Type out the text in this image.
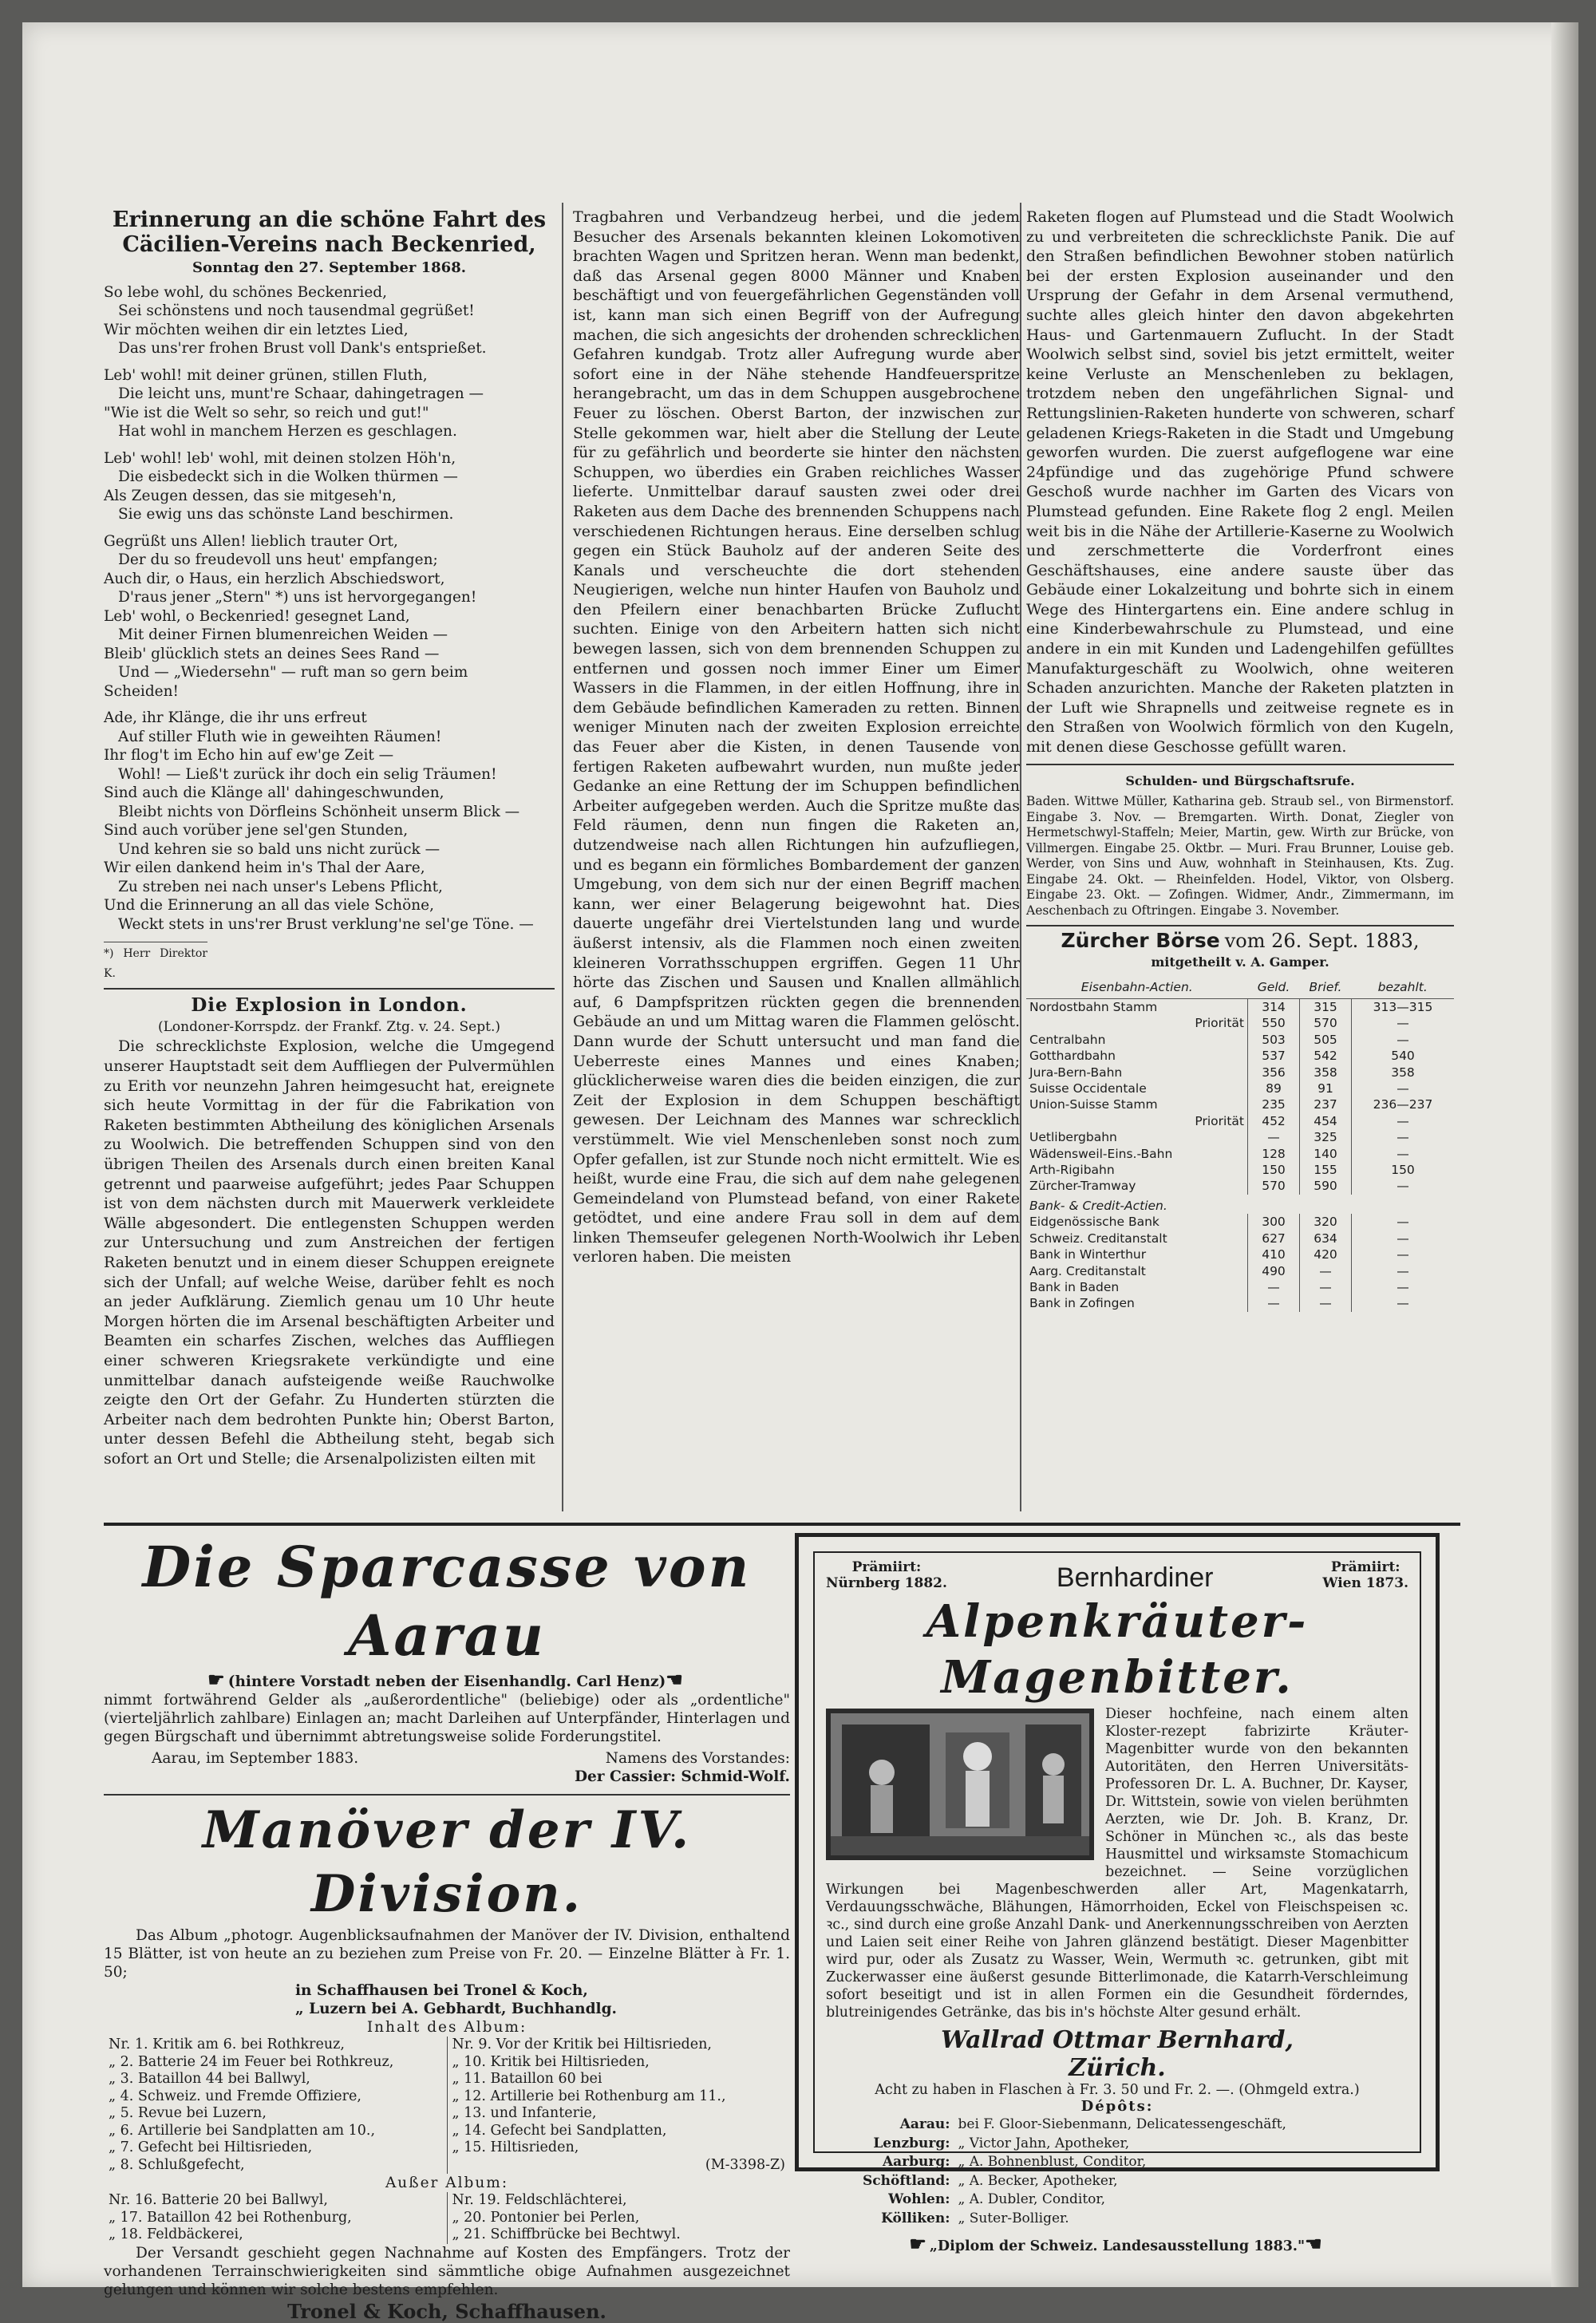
Erinnerung an die schöne Fahrt des
Cäcilien-Vereins nach Beckenried,
Sonntag den 27. September 1868.

So lebe wohl, du schönes Beckenried,

Sei schönstens und noch tausendmal gegrüßet!

Wir möchten weihen dir ein letztes Lied,

Das uns'rer frohen Brust voll Dank's entsprießet.

Leb' wohl! mit deiner grünen, stillen Fluth,

Die leicht uns, munt're Schaar, dahingetragen —

"Wie ist die Welt so sehr, so reich und gut!"

Hat wohl in manchem Herzen es geschlagen.

Leb' wohl! leb' wohl, mit deinen stolzen Höh'n,

Die eisbedeckt sich in die Wolken thürmen —

Als Zeugen dessen, das sie mitgeseh'n,

Sie ewig uns das schönste Land beschirmen.

Gegrüßt uns Allen! lieblich trauter Ort,

Der du so freudevoll uns heut' empfangen;

Auch dir, o Haus, ein herzlich Abschiedswort,

D'raus jener „Stern" *) uns ist hervorgegangen!

Leb' wohl, o Beckenried! gesegnet Land,

Mit deiner Firnen blumenreichen Weiden —

Bleib' glücklich stets an deines Sees Rand —

Und — „Wiedersehn" — ruft man so gern beim

Scheiden!

Ade, ihr Klänge, die ihr uns erfreut

Auf stiller Fluth wie in geweihten Räumen!

Ihr flog't im Echo hin auf ew'ge Zeit —

Wohl! — Ließ't zurück ihr doch ein selig Träumen!

Sind auch die Klänge all' dahingeschwunden,

Bleibt nichts von Dörfleins Schönheit unserm Blick —

Sind auch vorüber jene sel'gen Stunden,

Und kehren sie so bald uns nicht zurück —

Wir eilen dankend heim in's Thal der Aare,

Zu streben nei nach unser's Lebens Pflicht,

Und die Erinnerung an all das viele Schöne,

Weckt stets in uns'rer Brust verklung'ne sel'ge Töne. —

*) Herr Direktor K.
Die Explosion in London.
(Londoner-Korrspdz. der Frankf. Ztg. v. 24. Sept.)

Die schrecklichste Explosion, welche die Umgegend unserer Hauptstadt seit dem Auffliegen der Pulvermühlen zu Erith vor neunzehn Jahren heimgesucht hat, ereignete sich heute Vormittag in der für die Fabrikation von Raketen bestimmten Abtheilung des königlichen Arsenals zu Woolwich. Die betreffenden Schuppen sind von den übrigen Theilen des Arsenals durch einen breiten Kanal getrennt und paarweise aufgeführt; jedes Paar Schuppen ist von dem nächsten durch mit Mauerwerk verkleidete Wälle abgesondert. Die entlegensten Schuppen werden zur Untersuchung und zum Anstreichen der fertigen Raketen benutzt und in einem dieser Schuppen ereignete sich der Unfall; auf welche Weise, darüber fehlt es noch an jeder Aufklärung. Ziemlich genau um 10 Uhr heute Morgen hörten die im Arsenal beschäftigten Arbeiter und Beamten ein scharfes Zischen, welches das Auffliegen einer schweren Kriegsrakete verkündigte und eine unmittelbar danach aufsteigende weiße Rauchwolke zeigte den Ort der Gefahr. Zu Hunderten stürzten die Arbeiter nach dem bedrohten Punkte hin; Oberst Barton, unter dessen Befehl die Abtheilung steht, begab sich sofort an Ort und Stelle; die Arsenalpolizisten eilten mit

Tragbahren und Verbandzeug herbei, und die jedem Besucher des Arsenals bekannten kleinen Lokomotiven brachten Wagen und Spritzen heran. Wenn man bedenkt, daß das Arsenal gegen 8000 Männer und Knaben beschäftigt und von feuergefährlichen Gegenständen voll ist, kann man sich einen Begriff von der Aufregung machen, die sich angesichts der drohenden schrecklichen Gefahren kundgab. Trotz aller Aufregung wurde aber sofort eine in der Nähe stehende Handfeuerspritze herangebracht, um das in dem Schuppen ausgebrochene Feuer zu löschen. Oberst Barton, der inzwischen zur Stelle gekommen war, hielt aber die Stellung der Leute für zu gefährlich und beorderte sie hinter den nächsten Schuppen, wo überdies ein Graben reichliches Wasser lieferte. Unmittelbar darauf sausten zwei oder drei Raketen aus dem Dache des brennenden Schuppens nach verschiedenen Richtungen heraus. Eine derselben schlug gegen ein Stück Bauholz auf der anderen Seite des Kanals und verscheuchte die dort stehenden Neugierigen, welche nun hinter Haufen von Bauholz und den Pfeilern einer benachbarten Brücke Zuflucht suchten. Einige von den Arbeitern hatten sich nicht bewegen lassen, sich von dem brennenden Schuppen zu entfernen und gossen noch immer Einer um Eimer Wassers in die Flammen, in der eitlen Hoffnung, ihre in dem Gebäude befindlichen Kameraden zu retten. Binnen weniger Minuten nach der zweiten Explosion erreichte das Feuer aber die Kisten, in denen Tausende von fertigen Raketen aufbewahrt wurden, nun mußte jeder Gedanke an eine Rettung der im Schuppen befindlichen Arbeiter aufgegeben werden. Auch die Spritze mußte das Feld räumen, denn nun fingen die Raketen an, dutzendweise nach allen Richtungen hin aufzufliegen, und es begann ein förmliches Bombardement der ganzen Umgebung, von dem sich nur der einen Begriff machen kann, wer einer Belagerung beigewohnt hat. Dies dauerte ungefähr drei Viertelstunden lang und wurde äußerst intensiv, als die Flammen noch einen zweiten kleineren Vorrathsschuppen ergriffen. Gegen 11 Uhr hörte das Zischen und Sausen und Knallen allmählich auf, 6 Dampfspritzen rückten gegen die brennenden Gebäude an und um Mittag waren die Flammen gelöscht. Dann wurde der Schutt untersucht und man fand die Ueberreste eines Mannes und eines Knaben; glücklicherweise waren dies die beiden einzigen, die zur Zeit der Explosion in dem Schuppen beschäftigt gewesen. Der Leichnam des Mannes war schrecklich verstümmelt. Wie viel Menschenleben sonst noch zum Opfer gefallen, ist zur Stunde noch nicht ermittelt. Wie es heißt, wurde eine Frau, die sich auf dem nahe gelegenen Gemeindeland von Plumstead befand, von einer Rakete getödtet, und eine andere Frau soll in dem auf dem linken Themseufer gelegenen North-Woolwich ihr Leben verloren haben. Die meisten

Raketen flogen auf Plumstead und die Stadt Woolwich zu und verbreiteten die schrecklichste Panik. Die auf den Straßen befindlichen Bewohner stoben natürlich bei der ersten Explosion auseinander und den Ursprung der Gefahr in dem Arsenal vermuthend, suchte alles gleich hinter den davon abgekehrten Haus- und Gartenmauern Zuflucht. In der Stadt Woolwich selbst sind, soviel bis jetzt ermittelt, weiter keine Verluste an Menschenleben zu beklagen, trotzdem neben den ungefährlichen Signal- und Rettungslinien-Raketen hunderte von schweren, scharf geladenen Kriegs-Raketen in die Stadt und Umgebung geworfen wurden. Die zuerst aufgeflogene war eine 24pfündige und das zugehörige Pfund schwere Geschoß wurde nachher im Garten des Vicars von Plumstead gefunden. Eine Rakete flog 2 engl. Meilen weit bis in die Nähe der Artillerie-Kaserne zu Woolwich und zerschmetterte die Vorderfront eines Geschäftshauses, eine andere sauste über das Gebäude einer Lokalzeitung und bohrte sich in einem Wege des Hintergartens ein. Eine andere schlug in eine Kinderbewahrschule zu Plumstead, und eine andere in ein mit Kunden und Ladengehilfen gefülltes Manufakturgeschäft zu Woolwich, ohne weiteren Schaden anzurichten. Manche der Raketen platzten in der Luft wie Shrapnells und zeitweise regnete es in den Straßen von Woolwich förmlich von den Kugeln, mit denen diese Geschosse gefüllt waren.

Schulden- und Bürgschaftsrufe.

Baden. Wittwe Müller, Katharina geb. Straub sel., von Birmenstorf. Eingabe 3. Nov. — Bremgarten. Wirth. Donat, Ziegler von Hermetschwyl-Staffeln; Meier, Martin, gew. Wirth zur Brücke, von Villmergen. Eingabe 25. Oktbr. — Muri. Frau Brunner, Louise geb. Werder, von Sins und Auw, wohnhaft in Steinhausen, Kts. Zug. Eingabe 24. Okt. — Rheinfelden. Hodel, Viktor, von Olsberg. Eingabe 23. Okt. — Zofingen. Widmer, Andr., Zimmermann, im Aeschenbach zu Oftringen. Eingabe 3. November.

Zürcher Börse vom 26. Sept. 1883,
mitgetheilt v. A. Gamper.
Eisenbahn-Actien.	Geld.	Brief.	bezahlt.
Nordostbahn Stamm	314	315	313—315
Priorität	550	570	—
Centralbahn	503	505	—
Gotthardbahn	537	542	540
Jura-Bern-Bahn	356	358	358
Suisse Occidentale	89	91	—
Union-Suisse Stamm	235	237	236—237
Priorität	452	454	—
Uetlibergbahn	—	325	—
Wädensweil-Eins.-Bahn	128	140	—
Arth-Rigibahn	150	155	150
Zürcher-Tramway	570	590	—
Bank- & Credit-Actien.			
Eidgenössische Bank	300	320	—
Schweiz. Creditanstalt	627	634	—
Bank in Winterthur	410	420	—
Aarg. Creditanstalt	490	—	—
Bank in Baden	—	—	—
Bank in Zofingen	—	—	—
Die Sparcasse von Aarau
☛ (hintere Vorstadt neben der Eisenhandlg. Carl Henz)☚

nimmt fortwährend Gelder als „außerordentliche" (beliebige) oder als „ordentliche" (vierteljährlich zahlbare) Einlagen an; macht Darleihen auf Unterpfänder, Hinterlagen und gegen Bürgschaft und übernimmt abtretungsweise solide Forderungstitel.

Aarau, im September 1883.	Namens des Vorstandes:
Der Cassier: Schmid-Wolf.
Manöver der IV. Division.

Das Album „photogr. Augenblicksaufnahmen der Manöver der IV. Division, enthaltend 15 Blätter, ist von heute an zu beziehen zum Preise von Fr. 20. — Einzelne Blätter à Fr. 1. 50;

in Schaffhausen bei Tronel & Koch,
„ Luzern bei A. Gebhardt, Buchhandlg.
Inhalt des Album:
Nr. 1. Kritik am 6. bei Rothkreuz,
„ 2. Batterie 24 im Feuer bei Rothkreuz,
„ 3. Bataillon 44 bei Ballwyl,
„ 4. Schweiz. und Fremde Offiziere,
„ 5. Revue bei Luzern,
„ 6. Artillerie bei Sandplatten am 10.,
„ 7. Gefecht bei Hiltisrieden,
„ 8. Schlußgefecht,

Nr. 9. Vor der Kritik bei Hiltisrieden,
„ 10. Kritik bei Hiltisrieden,
„ 11. Bataillon 60 bei
„ 12. Artillerie bei Rothenburg am 11.,
„ 13. und Infanterie,
„ 14. Gefecht bei Sandplatten,
„ 15. Hiltisrieden,
(M-3398-Z)
Außer Album:
Nr. 16. Batterie 20 bei Ballwyl,
„ 17. Bataillon 42 bei Rothenburg,
„ 18. Feldbäckerei,

Nr. 19. Feldschlächterei,
„ 20. Pontonier bei Perlen,
„ 21. Schiffbrücke bei Bechtwyl.

Der Versandt geschieht gegen Nachnahme auf Kosten des Empfängers. Trotz der vorhandenen Terrainschwierigkeiten sind sämmtliche obige Aufnahmen ausgezeichnet gelungen und können wir solche bestens empfehlen.

Tronel & Koch, Schaffhausen.
Prämiirt:
Nürnberg 1882.	Bernhardiner	Prämiirt:
Wien 1873.
Alpenkräuter-Magenbitter.

Dieser hochfeine, nach einem alten Kloster-rezept fabrizirte Kräuter-Magenbitter wurde von den bekannten Autoritäten, den Herren Universitäts-Professoren Dr. L. A. Buchner, Dr. Kayser, Dr. Wittstein, sowie von vielen berühmten Aerzten, wie Dr. Joh. B. Kranz, Dr. Schöner in München ꝛc., als das beste Hausmittel und wirksamste Stomachicum bezeichnet. — Seine vorzüglichen Wirkungen bei Magenbeschwerden aller Art, Magenkatarrh, Verdauungsschwäche, Blähungen, Hämorrhoiden, Eckel von Fleischspeisen ꝛc. ꝛc., sind durch eine große Anzahl Dank- und Anerkennungsschreiben von Aerzten und Laien seit einer Reihe von Jahren glänzend bestätigt. Dieser Magenbitter wird pur, oder als Zusatz zu Wasser, Wein, Wermuth ꝛc. getrunken, gibt mit Zuckerwasser eine äußerst gesunde Bitterlimonade, die Katarrh-Verschleimung sofort beseitigt und ist in allen Formen ein die Gesundheit förderndes, blutreinigendes Getränke, das bis in's höchste Alter gesund erhält.

Wallrad Ottmar Bernhard,
Zürich.
Acht zu haben in Flaschen à Fr. 3. 50 und Fr. 2. —. (Ohmgeld extra.)
Dépôts:
Aarau:	bei F. Gloor-Siebenmann, Delicatessengeschäft,
Lenzburg:	„ Victor Jahn, Apotheker,
Aarburg:	„ A. Bohnenblust, Conditor,
Schöftland:	„ A. Becker, Apotheker,
Wohlen:	„ A. Dubler, Conditor,
Kölliken:	„ Suter-Bolliger.
☛ „Diplom der Schweiz. Landesausstellung 1883."☚
